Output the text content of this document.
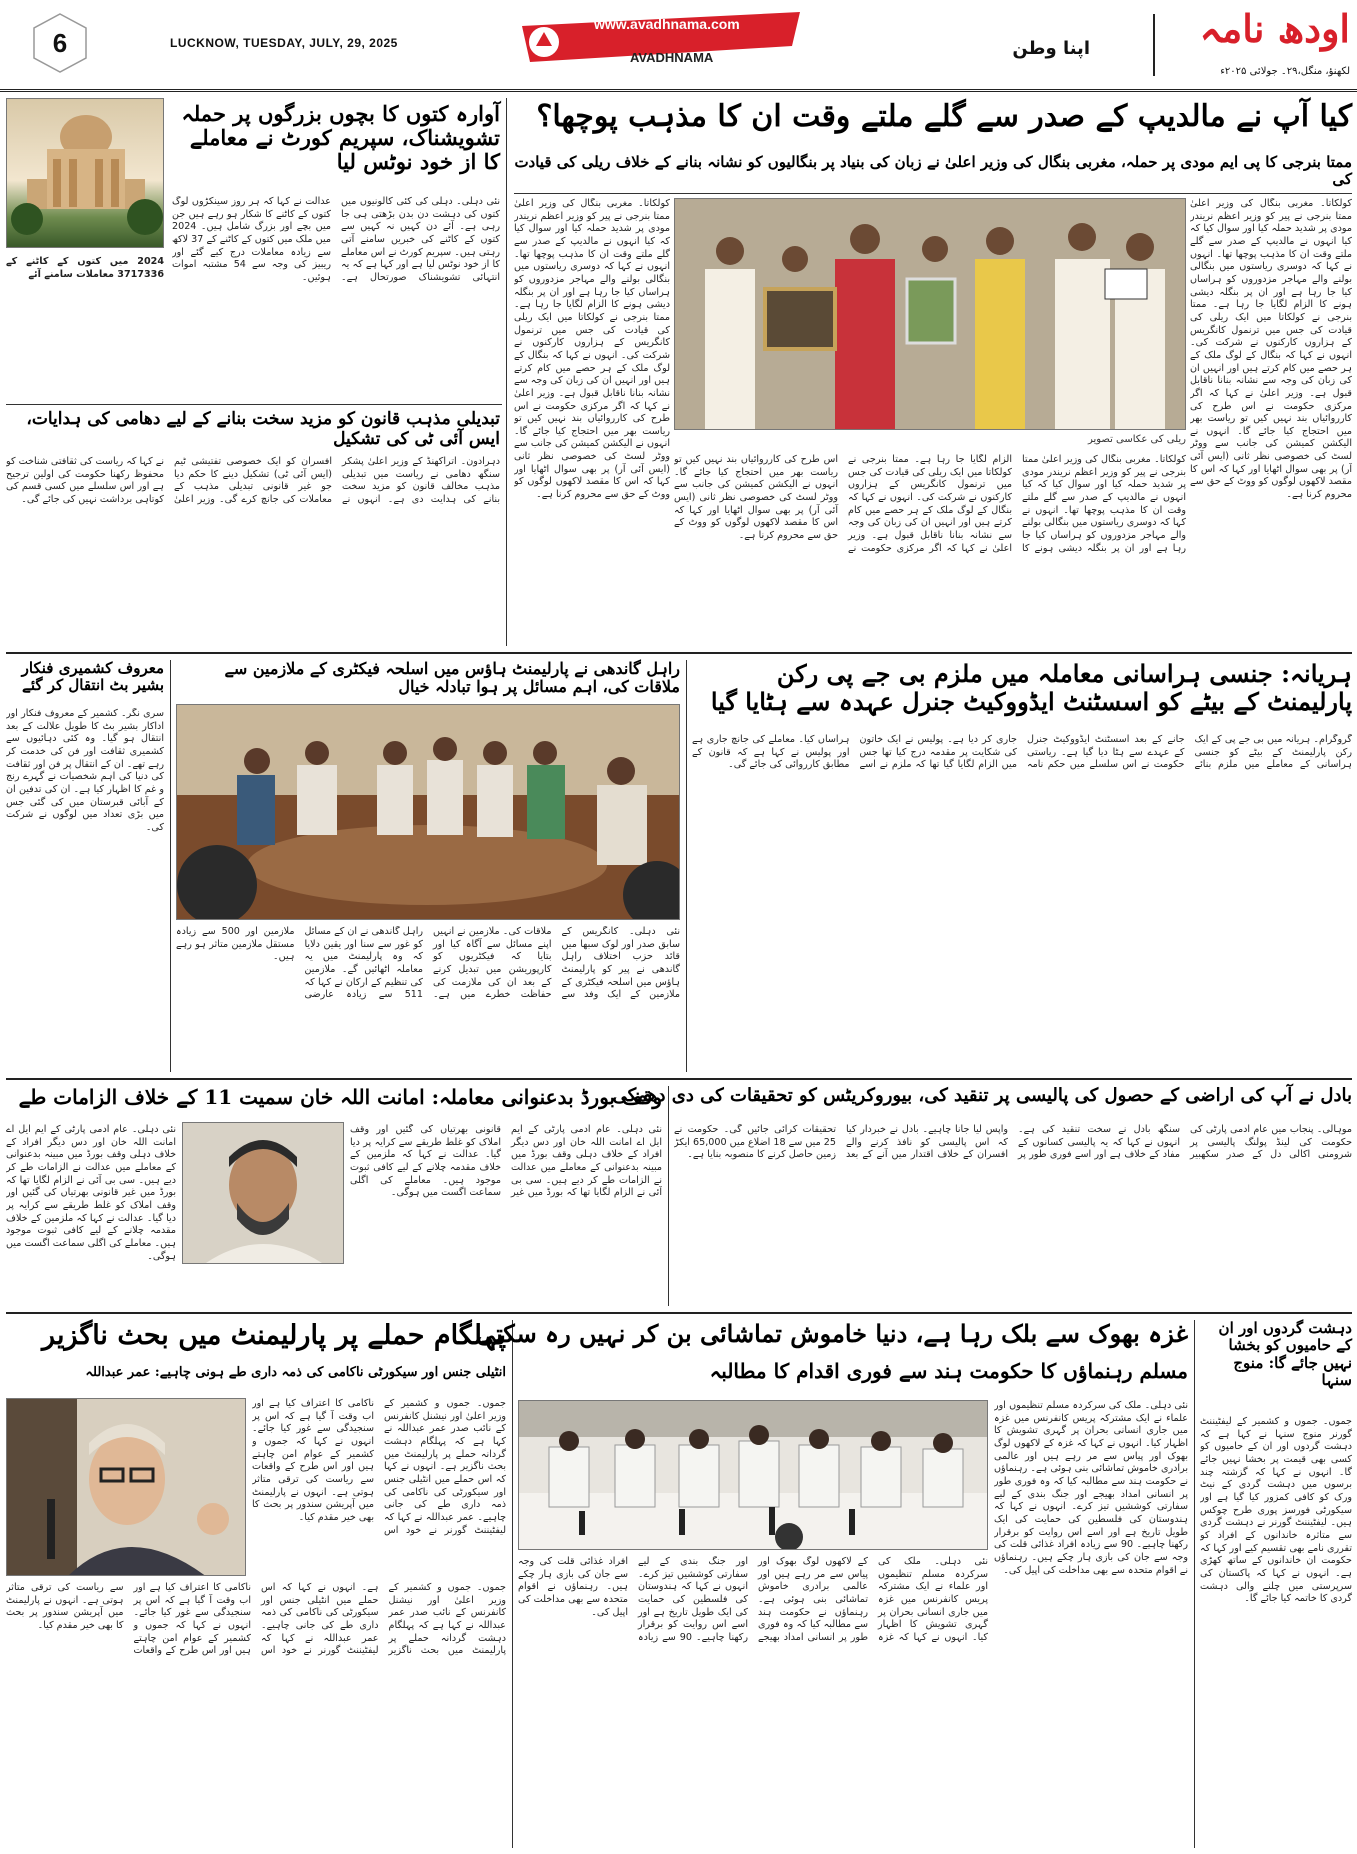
6	LUCKNOW, TUESDAY, JULY, 29, 2025
www.avadhnama.com
AVADHNAMA	اپنا وطن	اودھ نامہ
لکھنؤ، منگل،۲۹۔ جولائی ۲۰۲۵ء
آوارہ کتوں کا بچوں بزرگوں پر حملہ تشویشناک، سپریم کورٹ نے معاملے کا از خود نوٹس لیا
نئی دہلی۔ دہلی کی کئی کالونیوں میں کتوں کی دہشت دن بدن بڑھتی ہی جا رہی ہے۔ آئے دن کہیں نہ کہیں سے کتوں کے کاٹنے کی خبریں سامنے آتی رہتی ہیں۔ سپریم کورٹ نے اس معاملے کا از خود نوٹس لیا ہے اور کہا ہے کہ یہ انتہائی تشویشناک صورتحال ہے۔ عدالت نے کہا کہ ہر روز سینکڑوں لوگ کتوں کے کاٹنے کا شکار ہو رہے ہیں جن میں بچے اور بزرگ شامل ہیں۔ 2024 میں ملک میں کتوں کے کاٹنے کے 37 لاکھ سے زیادہ معاملات درج کیے گئے اور ریبیز کی وجہ سے 54 مشتبہ اموات ہوئیں۔
2024 میں کتوں کے کاٹنے کے 3717336 معاملات سامنے آئے
کیا آپ نے مالدیپ کے صدر سے گلے ملتے وقت ان کا مذہب پوچھا؟
ممتا بنرجی کا پی ایم مودی پر حملہ، مغربی بنگال کی وزیر اعلیٰ نے زبان کی بنیاد پر بنگالیوں کو نشانہ بنانے کے خلاف ریلی کی قیادت کی
ریلی کی عکاسی تصویر
کولکاتا۔ مغربی بنگال کی وزیر اعلیٰ ممتا بنرجی نے پیر کو وزیر اعظم نریندر مودی پر شدید حملہ کیا اور سوال کیا کہ کیا انہوں نے مالدیپ کے صدر سے گلے ملتے وقت ان کا مذہب پوچھا تھا۔ انہوں نے کہا کہ دوسری ریاستوں میں بنگالی بولنے والے مہاجر مزدوروں کو ہراساں کیا جا رہا ہے اور ان پر بنگلہ دیشی ہونے کا الزام لگایا جا رہا ہے۔ ممتا بنرجی نے کولکاتا میں ایک ریلی کی قیادت کی جس میں ترنمول کانگریس کے ہزاروں کارکنوں نے شرکت کی۔ انہوں نے کہا کہ بنگال کے لوگ ملک کے ہر حصے میں کام کرتے ہیں اور انہیں ان کی زبان کی وجہ سے نشانہ بنانا ناقابل قبول ہے۔ وزیر اعلیٰ نے کہا کہ اگر مرکزی حکومت نے اس طرح کی کارروائیاں بند نہیں کیں تو ریاست بھر میں احتجاج کیا جائے گا۔ انہوں نے الیکشن کمیشن کی جانب سے ووٹر لسٹ کی خصوصی نظر ثانی (ایس آئی آر) پر بھی سوال اٹھایا اور کہا کہ اس کا مقصد لاکھوں لوگوں کو ووٹ کے حق سے محروم کرنا ہے۔
کولکاتا۔ مغربی بنگال کی وزیر اعلیٰ ممتا بنرجی نے پیر کو وزیر اعظم نریندر مودی پر شدید حملہ کیا اور سوال کیا کہ کیا انہوں نے مالدیپ کے صدر سے گلے ملتے وقت ان کا مذہب پوچھا تھا۔ انہوں نے کہا کہ دوسری ریاستوں میں بنگالی بولنے والے مہاجر مزدوروں کو ہراساں کیا جا رہا ہے اور ان پر بنگلہ دیشی ہونے کا الزام لگایا جا رہا ہے۔ ممتا بنرجی نے کولکاتا میں ایک ریلی کی قیادت کی جس میں ترنمول کانگریس کے ہزاروں کارکنوں نے شرکت کی۔ انہوں نے کہا کہ بنگال کے لوگ ملک کے ہر حصے میں کام کرتے ہیں اور انہیں ان کی زبان کی وجہ سے نشانہ بنانا ناقابل قبول ہے۔ وزیر اعلیٰ نے کہا کہ اگر مرکزی حکومت نے اس طرح کی کارروائیاں بند نہیں کیں تو ریاست بھر میں احتجاج کیا جائے گا۔ انہوں نے الیکشن کمیشن کی جانب سے ووٹر لسٹ کی خصوصی نظر ثانی (ایس آئی آر) پر بھی سوال اٹھایا اور کہا کہ اس کا مقصد لاکھوں لوگوں کو ووٹ کے حق سے محروم کرنا ہے۔
کولکاتا۔ مغربی بنگال کی وزیر اعلیٰ ممتا بنرجی نے پیر کو وزیر اعظم نریندر مودی پر شدید حملہ کیا اور سوال کیا کہ کیا انہوں نے مالدیپ کے صدر سے گلے ملتے وقت ان کا مذہب پوچھا تھا۔ انہوں نے کہا کہ دوسری ریاستوں میں بنگالی بولنے والے مہاجر مزدوروں کو ہراساں کیا جا رہا ہے اور ان پر بنگلہ دیشی ہونے کا الزام لگایا جا رہا ہے۔ ممتا بنرجی نے کولکاتا میں ایک ریلی کی قیادت کی جس میں ترنمول کانگریس کے ہزاروں کارکنوں نے شرکت کی۔ انہوں نے کہا کہ بنگال کے لوگ ملک کے ہر حصے میں کام کرتے ہیں اور انہیں ان کی زبان کی وجہ سے نشانہ بنانا ناقابل قبول ہے۔ وزیر اعلیٰ نے کہا کہ اگر مرکزی حکومت نے اس طرح کی کارروائیاں بند نہیں کیں تو ریاست بھر میں احتجاج کیا جائے گا۔ انہوں نے الیکشن کمیشن کی جانب سے ووٹر لسٹ کی خصوصی نظر ثانی (ایس آئی آر) پر بھی سوال اٹھایا اور کہا کہ اس کا مقصد لاکھوں لوگوں کو ووٹ کے حق سے محروم کرنا ہے۔
تبدیلی مذہب قانون کو مزید سخت بنانے کے لیے دھامی کی ہدایات، ایس آئی ٹی کی تشکیل
دہرادون۔ اتراکھنڈ کے وزیر اعلیٰ پشکر سنگھ دھامی نے ریاست میں تبدیلی مذہب مخالف قانون کو مزید سخت بنانے کی ہدایت دی ہے۔ انہوں نے افسران کو ایک خصوصی تفتیشی ٹیم (ایس آئی ٹی) تشکیل دینے کا حکم دیا جو غیر قانونی تبدیلی مذہب کے معاملات کی جانچ کرے گی۔ وزیر اعلیٰ نے کہا کہ ریاست کی ثقافتی شناخت کو محفوظ رکھنا حکومت کی اولین ترجیح ہے اور اس سلسلے میں کسی قسم کی کوتاہی برداشت نہیں کی جائے گی۔
معروف کشمیری فنکار بشیر بٹ انتقال کر گئے
سری نگر۔ کشمیر کے معروف فنکار اور اداکار بشیر بٹ کا طویل علالت کے بعد انتقال ہو گیا۔ وہ کئی دہائیوں سے کشمیری ثقافت اور فن کی خدمت کر رہے تھے۔ ان کے انتقال پر فن اور ثقافت کی دنیا کی اہم شخصیات نے گہرے رنج و غم کا اظہار کیا ہے۔ ان کی تدفین ان کے آبائی قبرستان میں کی گئی جس میں بڑی تعداد میں لوگوں نے شرکت کی۔
راہل گاندھی نے پارلیمنٹ ہاؤس میں اسلحہ فیکٹری کے ملازمین سے ملاقات کی، اہم مسائل پر ہوا تبادلہ خیال
نئی دہلی۔ کانگریس کے سابق صدر اور لوک سبھا میں قائد حزب اختلاف راہل گاندھی نے پیر کو پارلیمنٹ ہاؤس میں اسلحہ فیکٹری کے ملازمین کے ایک وفد سے ملاقات کی۔ ملازمین نے انہیں اپنے مسائل سے آگاہ کیا اور بتایا کہ فیکٹریوں کو کارپوریشن میں تبدیل کرنے کے بعد ان کی ملازمت کی حفاظت خطرے میں ہے۔ راہل گاندھی نے ان کے مسائل کو غور سے سنا اور یقین دلایا کہ وہ پارلیمنٹ میں یہ معاملہ اٹھائیں گے۔ ملازمین کی تنظیم کے ارکان نے کہا کہ 511 سے زیادہ عارضی ملازمین اور 500 سے زیادہ مستقل ملازمین متاثر ہو رہے ہیں۔
ہریانہ: جنسی ہراسانی معاملہ میں ملزم بی جے پی رکن پارلیمنٹ کے بیٹے کو اسسٹنٹ ایڈووکیٹ جنرل عہدہ سے ہٹایا گیا
گروگرام۔ ہریانہ میں بی جے پی کے ایک رکن پارلیمنٹ کے بیٹے کو جنسی ہراسانی کے معاملے میں ملزم بنائے جانے کے بعد اسسٹنٹ ایڈووکیٹ جنرل کے عہدے سے ہٹا دیا گیا ہے۔ ریاستی حکومت نے اس سلسلے میں حکم نامہ جاری کر دیا ہے۔ پولیس نے ایک خاتون کی شکایت پر مقدمہ درج کیا تھا جس میں الزام لگایا گیا تھا کہ ملزم نے اسے ہراساں کیا۔ معاملے کی جانچ جاری ہے اور پولیس نے کہا ہے کہ قانون کے مطابق کارروائی کی جائے گی۔
وقف بورڈ بدعنوانی معاملہ: امانت اللہ خان سمیت 11 کے خلاف الزامات طے
نئی دہلی۔ عام آدمی پارٹی کے ایم ایل اے امانت اللہ خان اور دس دیگر افراد کے خلاف دہلی وقف بورڈ میں مبینہ بدعنوانی کے معاملے میں عدالت نے الزامات طے کر دیے ہیں۔ سی بی آئی نے الزام لگایا تھا کہ بورڈ میں غیر قانونی بھرتیاں کی گئیں اور وقف املاک کو غلط طریقے سے کرایہ پر دیا گیا۔ عدالت نے کہا کہ ملزمین کے خلاف مقدمہ چلانے کے لیے کافی ثبوت موجود ہیں۔ معاملے کی اگلی سماعت اگست میں ہوگی۔
نئی دہلی۔ عام آدمی پارٹی کے ایم ایل اے امانت اللہ خان اور دس دیگر افراد کے خلاف دہلی وقف بورڈ میں مبینہ بدعنوانی کے معاملے میں عدالت نے الزامات طے کر دیے ہیں۔ سی بی آئی نے الزام لگایا تھا کہ بورڈ میں غیر قانونی بھرتیاں کی گئیں اور وقف املاک کو غلط طریقے سے کرایہ پر دیا گیا۔ عدالت نے کہا کہ ملزمین کے خلاف مقدمہ چلانے کے لیے کافی ثبوت موجود ہیں۔ معاملے کی اگلی سماعت اگست میں ہوگی۔
بادل نے آپ کی اراضی کے حصول کی پالیسی پر تنقید کی، بیوروکریٹس کو تحقیقات کی دی دھمکی
موہالی۔ پنجاب میں عام آدمی پارٹی کی حکومت کی لینڈ پولنگ پالیسی پر شرومنی اکالی دل کے صدر سکھبیر سنگھ بادل نے سخت تنقید کی ہے۔ انہوں نے کہا کہ یہ پالیسی کسانوں کے مفاد کے خلاف ہے اور اسے فوری طور پر واپس لیا جانا چاہیے۔ بادل نے خبردار کیا کہ اس پالیسی کو نافذ کرنے والے افسران کے خلاف اقتدار میں آنے کے بعد تحقیقات کرائی جائیں گی۔ حکومت نے 25 میں سے 18 اضلاع میں 65,000 ایکڑ زمین حاصل کرنے کا منصوبہ بنایا ہے۔
پہلگام حملے پر پارلیمنٹ میں بحث ناگزیر
انٹیلی جنس اور سیکورٹی ناکامی کی ذمہ داری طے ہونی چاہیے: عمر عبداللہ
جموں۔ جموں و کشمیر کے وزیر اعلیٰ اور نیشنل کانفرنس کے نائب صدر عمر عبداللہ نے کہا ہے کہ پہلگام دہشت گردانہ حملے پر پارلیمنٹ میں بحث ناگزیر ہے۔ انہوں نے کہا کہ اس حملے میں انٹیلی جنس اور سیکورٹی کی ناکامی کی ذمہ داری طے کی جانی چاہیے۔ عمر عبداللہ نے کہا کہ لیفٹیننٹ گورنر نے خود اس ناکامی کا اعتراف کیا ہے اور اب وقت آ گیا ہے کہ اس پر سنجیدگی سے غور کیا جائے۔ انہوں نے کہا کہ جموں و کشمیر کے عوام امن چاہتے ہیں اور اس طرح کے واقعات سے ریاست کی ترقی متاثر ہوتی ہے۔ انہوں نے پارلیمنٹ میں آپریشن سندور پر بحث کا بھی خیر مقدم کیا۔
جموں۔ جموں و کشمیر کے وزیر اعلیٰ اور نیشنل کانفرنس کے نائب صدر عمر عبداللہ نے کہا ہے کہ پہلگام دہشت گردانہ حملے پر پارلیمنٹ میں بحث ناگزیر ہے۔ انہوں نے کہا کہ اس حملے میں انٹیلی جنس اور سیکورٹی کی ناکامی کی ذمہ داری طے کی جانی چاہیے۔ عمر عبداللہ نے کہا کہ لیفٹیننٹ گورنر نے خود اس ناکامی کا اعتراف کیا ہے اور اب وقت آ گیا ہے کہ اس پر سنجیدگی سے غور کیا جائے۔ انہوں نے کہا کہ جموں و کشمیر کے عوام امن چاہتے ہیں اور اس طرح کے واقعات سے ریاست کی ترقی متاثر ہوتی ہے۔ انہوں نے پارلیمنٹ میں آپریشن سندور پر بحث کا بھی خیر مقدم کیا۔
غزہ بھوک سے بلک رہا ہے، دنیا خاموش تماشائی بن کر نہیں رہ سکتی
مسلم رہنماؤں کا حکومت ہند سے فوری اقدام کا مطالبہ
نئی دہلی۔ ملک کی سرکردہ مسلم تنظیموں اور علماء نے ایک مشترکہ پریس کانفرنس میں غزہ میں جاری انسانی بحران پر گہری تشویش کا اظہار کیا۔ انہوں نے کہا کہ غزہ کے لاکھوں لوگ بھوک اور پیاس سے مر رہے ہیں اور عالمی برادری خاموش تماشائی بنی ہوئی ہے۔ رہنماؤں نے حکومت ہند سے مطالبہ کیا کہ وہ فوری طور پر انسانی امداد بھیجے اور جنگ بندی کے لیے سفارتی کوششیں تیز کرے۔ انہوں نے کہا کہ ہندوستان کی فلسطین کی حمایت کی ایک طویل تاریخ ہے اور اسے اس روایت کو برقرار رکھنا چاہیے۔ 90 سے زیادہ افراد غذائی قلت کی وجہ سے جان کی بازی ہار چکے ہیں۔ رہنماؤں نے اقوام متحدہ سے بھی مداخلت کی اپیل کی۔
نئی دہلی۔ ملک کی سرکردہ مسلم تنظیموں اور علماء نے ایک مشترکہ پریس کانفرنس میں غزہ میں جاری انسانی بحران پر گہری تشویش کا اظہار کیا۔ انہوں نے کہا کہ غزہ کے لاکھوں لوگ بھوک اور پیاس سے مر رہے ہیں اور عالمی برادری خاموش تماشائی بنی ہوئی ہے۔ رہنماؤں نے حکومت ہند سے مطالبہ کیا کہ وہ فوری طور پر انسانی امداد بھیجے اور جنگ بندی کے لیے سفارتی کوششیں تیز کرے۔ انہوں نے کہا کہ ہندوستان کی فلسطین کی حمایت کی ایک طویل تاریخ ہے اور اسے اس روایت کو برقرار رکھنا چاہیے۔ 90 سے زیادہ افراد غذائی قلت کی وجہ سے جان کی بازی ہار چکے ہیں۔ رہنماؤں نے اقوام متحدہ سے بھی مداخلت کی اپیل کی۔
دہشت گردوں اور ان کے حامیوں کو بخشا نہیں جائے گا: منوج سنہا
جموں۔ جموں و کشمیر کے لیفٹیننٹ گورنر منوج سنہا نے کہا ہے کہ دہشت گردوں اور ان کے حامیوں کو کسی بھی قیمت پر بخشا نہیں جائے گا۔ انہوں نے کہا کہ گزشتہ چند برسوں میں دہشت گردی کے نیٹ ورک کو کافی کمزور کیا گیا ہے اور سیکورٹی فورسز پوری طرح چوکس ہیں۔ لیفٹیننٹ گورنر نے دہشت گردی سے متاثرہ خاندانوں کے افراد کو تقرری نامے بھی تقسیم کیے اور کہا کہ حکومت ان خاندانوں کے ساتھ کھڑی ہے۔ انہوں نے کہا کہ پاکستان کی سرپرستی میں چلنے والی دہشت گردی کا خاتمہ کیا جائے گا۔
